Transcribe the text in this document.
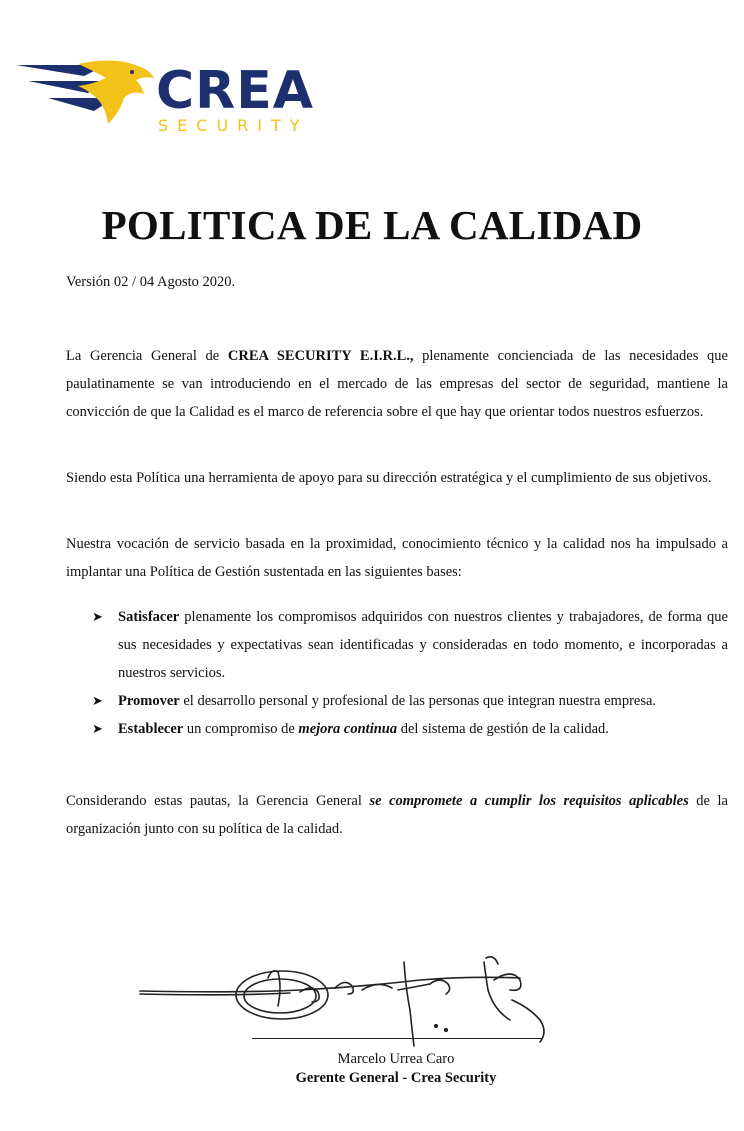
CREA
SECURITY
POLITICA DE LA CALIDAD
Versión 02 / 04 Agosto 2020.

La Gerencia General de CREA SECURITY E.I.R.L., plenamente concienciada de las necesidades que paulatinamente se van introduciendo en el mercado de las empresas del sector de seguridad, mantiene la convicción de que la Calidad es el marco de referencia sobre el que hay que orientar todos nuestros esfuerzos.

Siendo esta Política una herramienta de apoyo para su dirección estratégica y el cumplimiento de sus objetivos.

Nuestra vocación de servicio basada en la proximidad, conocimiento técnico y la calidad nos ha impulsado a implantar una Política de Gestión sustentada en las siguientes bases:

➤ Satisfacer plenamente los compromisos adquiridos con nuestros clientes y trabajadores, de forma que sus necesidades y expectativas sean identificadas y consideradas en todo momento, e incorporadas a nuestros servicios.
➤ Promover el desarrollo personal y profesional de las personas que integran nuestra empresa.
➤ Establecer un compromiso de mejora continua del sistema de gestión de la calidad.

Considerando estas pautas, la Gerencia General se compromete a cumplir los requisitos aplicables de la organización junto con su política de la calidad.

Marcelo Urrea Caro
Gerente General - Crea Security
